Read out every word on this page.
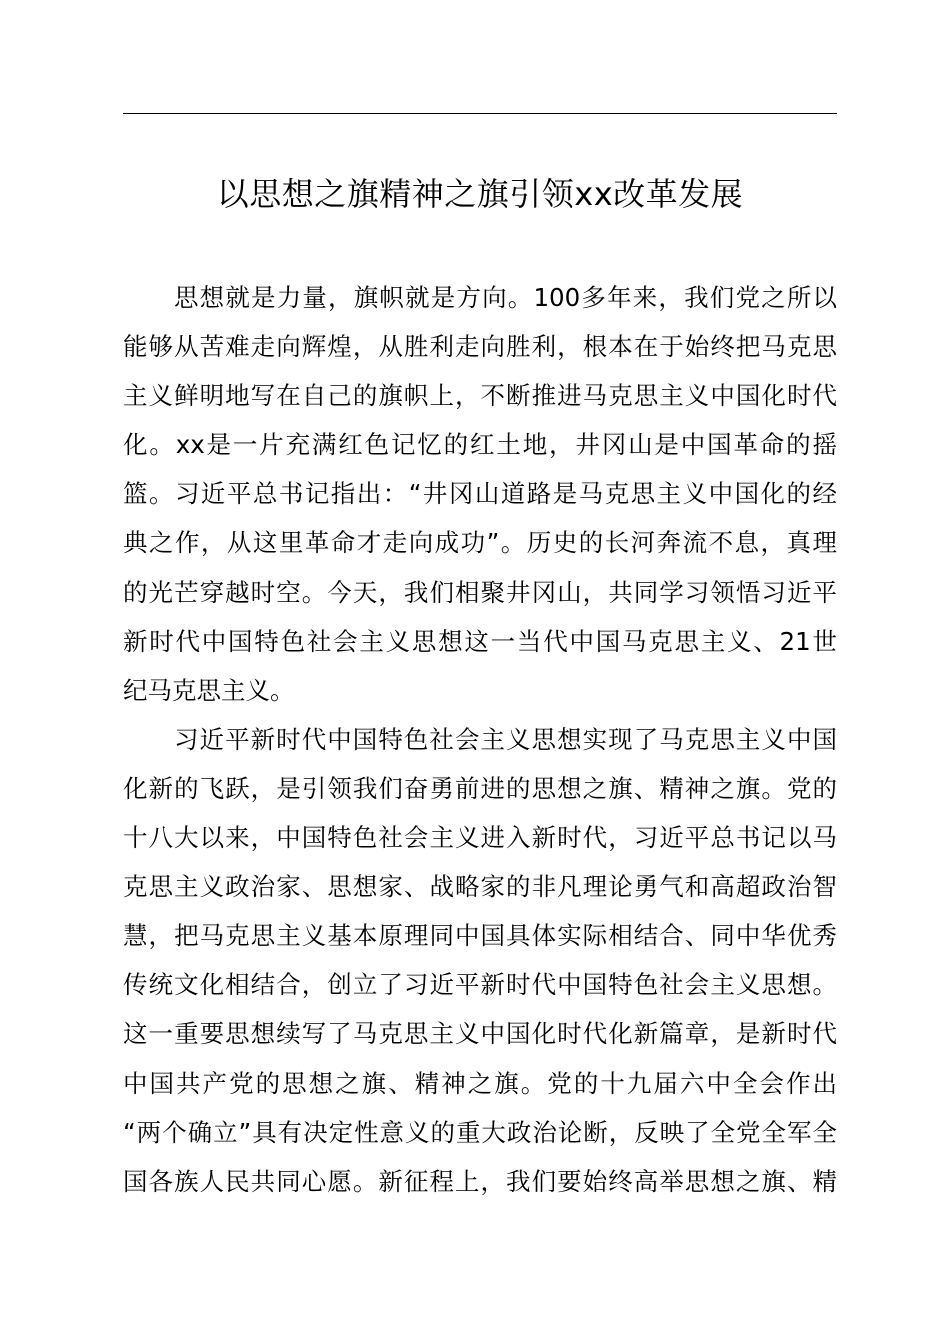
以思想之旗精神之旗引领xx改革发展
思想就是力量，旗帜就是方向。100多年来，我们党之所以
能够从苦难走向辉煌，从胜利走向胜利，根本在于始终把马克思
主义鲜明地写在自己的旗帜上，不断推进马克思主义中国化时代
化。xx是一片充满红色记忆的红土地，井冈山是中国革命的摇
篮。习近平总书记指出：“井冈山道路是马克思主义中国化的经
典之作，从这里革命才走向成功”。历史的长河奔流不息，真理
的光芒穿越时空。今天，我们相聚井冈山，共同学习领悟习近平
新时代中国特色社会主义思想这一当代中国马克思主义、21世
纪马克思主义。
习近平新时代中国特色社会主义思想实现了马克思主义中国
化新的飞跃，是引领我们奋勇前进的思想之旗、精神之旗。党的
十八大以来，中国特色社会主义进入新时代，习近平总书记以马
克思主义政治家、思想家、战略家的非凡理论勇气和高超政治智
慧，把马克思主义基本原理同中国具体实际相结合、同中华优秀
传统文化相结合，创立了习近平新时代中国特色社会主义思想。
这一重要思想续写了马克思主义中国化时代化新篇章，是新时代
中国共产党的思想之旗、精神之旗。党的十九届六中全会作出
“两个确立”具有决定性意义的重大政治论断，反映了全党全军全
国各族人民共同心愿。新征程上，我们要始终高举思想之旗、精
